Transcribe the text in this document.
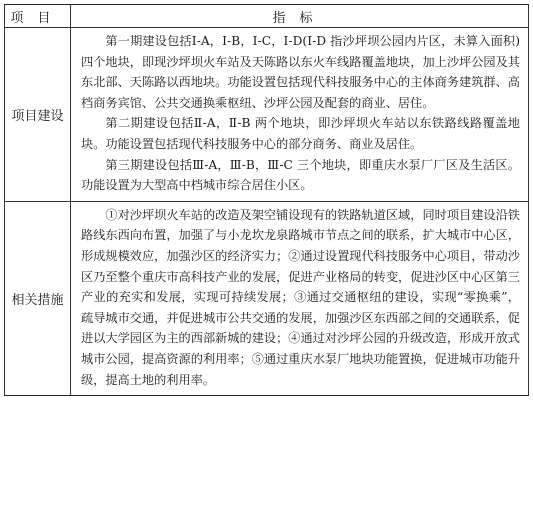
项目	指标
项目建设	第一期建设包括Ⅰ-A，Ⅰ-B，Ⅰ-C，Ⅰ-D(Ⅰ-D 指沙坪坝公园内片区，未算入面积)四个地块，即现沙坪坝火车站及天陈路以东火车线路覆盖地块，加上沙坪公园及其东北部、天陈路以西地块。功能设置包括现代科技服务中心的主体商务建筑群、高档商务宾馆、公共交通换乘枢纽、沙坪公园及配套的商业、居住。

第二期建设包括Ⅱ-A，Ⅱ-B 两个地块，即沙坪坝火车站以东铁路线路覆盖地块。功能设置包括现代科技服务中心的部分商务、商业及居住。

第三期建设包括Ⅲ-A，Ⅲ-B，Ⅲ-C 三个地块，即重庆水泵厂厂区及生活区。功能设置为大型高中档城市综合居住小区。

相关措施	①对沙坪坝火车站的改造及架空铺设现有的铁路轨道区域，同时项目建设沿铁路线东西向布置，加强了与小龙坎龙泉路城市节点之间的联系，扩大城市中心区，形成规模效应，加强沙区的经济实力；②通过设置现代科技服务中心项目，带动沙区乃至整个重庆市高科技产业的发展，促进产业格局的转变，促进沙区中心区第三产业的充实和发展，实现可持续发展；③通过交通枢纽的建设，实现“零换乘”，疏导城市交通，并促进城市公共交通的发展，加强沙区东西部之间的交通联系，促进以大学园区为主的西部新城的建设；④通过对沙坪公园的升级改造，形成开放式城市公园，提高资源的利用率；⑤通过重庆水泵厂地块功能置换，促进城市功能升级，提高土地的利用率。
